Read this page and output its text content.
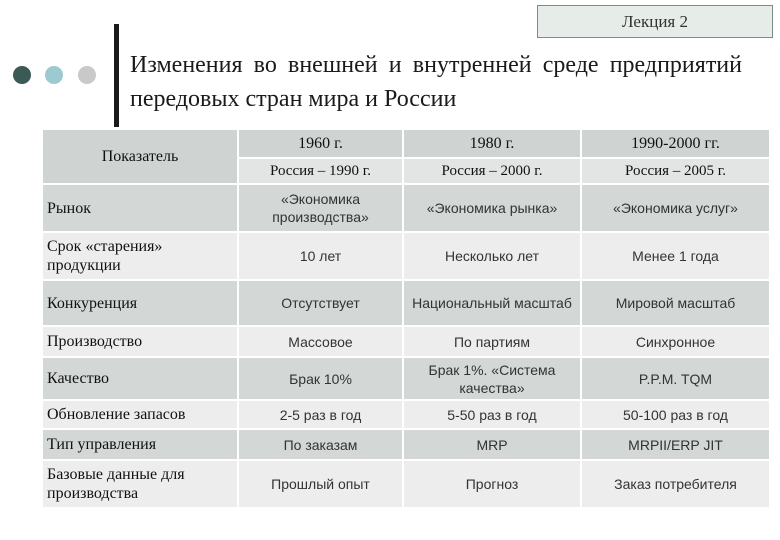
Лекция 2
Изменения во внешней и внутренней среде предприятий передовых стран мира и России
Показатель	1960 г.	1980 г.	1990-2000 гг.
	Россия – 1990 г.	Россия – 2000 г.	Россия – 2005 г.
Рынок	«Экономика производства»	«Экономика рынка»	«Экономика услуг»
Срок «старения» продукции	10 лет	Несколько лет	Менее 1 года
Конкуренция	Отсутствует	Национальный масштаб	Мировой масштаб
Производство	Массовое	По партиям	Синхронное
Качество	Брак 10%	Брак 1%. «Система качества»	P.P.M. TQM
Обновление запасов	2-5 раз в год	5-50 раз в год	50-100 раз в год
Тип управления	По заказам	MRP	MRPII/ERP JIT
Базовые данные для производства	Прошлый опыт	Прогноз	Заказ потребителя
